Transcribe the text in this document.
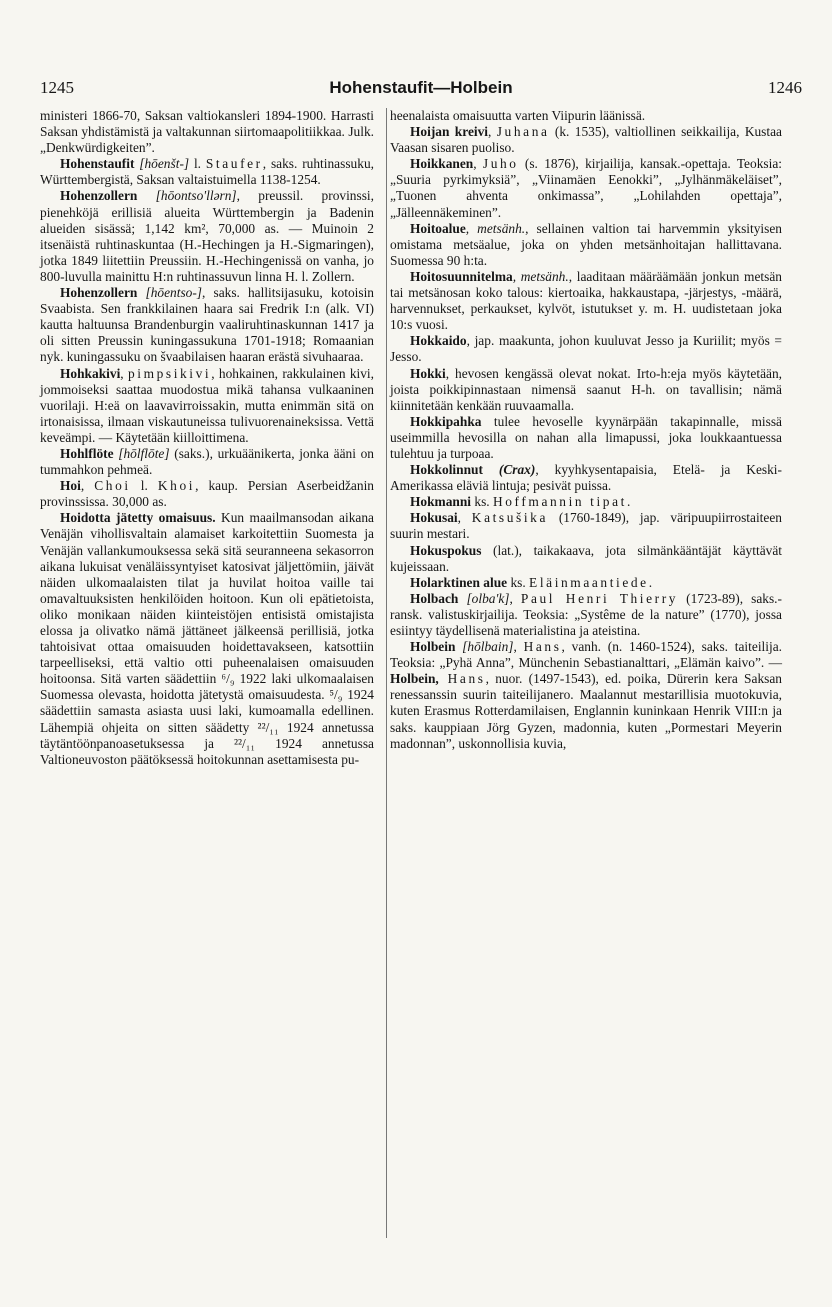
1245	Hohenstaufit—Holbein	1246

ministeri 1866-70, Saksan valtiokansleri 1894-1900. Harrasti Saksan yhdistämistä ja valtakunnan siirtomaapolitiikkaa. Julk. „Denkwürdigkeiten”.

Hohenstaufit [hōenšt-] l. Staufer, saks. ruhtinassuku, Württembergistä, Saksan valtaistuimella 1138-1254.

Hohenzollern [hōontso'llərn], preussil. provinssi, pienehköjä erillisiä alueita Württembergin ja Badenin alueiden sisässä; 1,142 km², 70,000 as. — Muinoin 2 itsenäistä ruhtinaskuntaa (H.-Hechingen ja H.-Sigmaringen), jotka 1849 liitettiin Preussiin. H.-Hechingenissä on vanha, jo 800-luvulla mainittu H:n ruhtinassuvun linna H. l. Zollern.

Hohenzollern [hōentso-], saks. hallitsijasuku, kotoisin Svaabista. Sen frankkilainen haara sai Fredrik I:n (alk. VI) kautta haltuunsa Brandenburgin vaaliruhtinaskunnan 1417 ja oli sitten Preussin kuningassukuna 1701-1918; Romaanian nyk. kuningassuku on švaabilaisen haaran erästä sivuhaaraa.

Hohkakivi, pimpsikivi, hohkainen, rakkulainen kivi, jommoiseksi saattaa muodostua mikä tahansa vulkaaninen vuorilaji. H:eä on laavavirroissakin, mutta enimmän sitä on irtonaisissa, ilmaan viskautuneissa tulivuorenaineksissa. Vettä keveämpi. — Käytetään kiilloittimena.

Hohlflöte [hōlflōte] (saks.), urkuäänikerta, jonka ääni on tummahkon pehmeä.

Hoi, Choi l. Khoi, kaup. Persian Aserbeidžanin provinssissa. 30,000 as.

Hoidotta jätetty omaisuus. Kun maailmansodan aikana Venäjän vihollisvaltain alamaiset karkoitettiin Suomesta ja Venäjän vallankumouksessa sekä sitä seuranneena sekasorron aikana lukuisat venäläissyntyiset katosivat jäljettömiin, jäivät näiden ulkomaalaisten tilat ja huvilat hoitoa vaille tai omavaltuuksisten henkilöiden hoitoon. Kun oli epätietoista, oliko monikaan näiden kiinteistöjen entisistä omistajista elossa ja olivatko nämä jättäneet jälkeensä perillisiä, jotka tahtoisivat ottaa omaisuuden hoidettavakseen, katsottiin tarpeelliseksi, että valtio otti puheenalaisen omaisuuden hoitoonsa. Sitä varten säädettiin ⁶/₉ 1922 laki ulkomaalaisen Suomessa olevasta, hoidotta jätetystä omaisuudesta. ⁵/₉ 1924 säädettiin samasta asiasta uusi laki, kumoamalla edellinen. Lähempiä ohjeita on sitten säädetty ²²/₁₁ 1924 annetussa täytäntöönpanoasetuksessa ja ²²/₁₁ 1924 annetussa Valtioneuvoston päätöksessä hoitokunnan asettamisesta pu-

heenalaista omaisuutta varten Viipurin läänissä.

Hoijan kreivi, Juhana (k. 1535), valtiollinen seikkailija, Kustaa Vaasan sisaren puoliso.

Hoikkanen, Juho (s. 1876), kirjailija, kansak.-opettaja. Teoksia: „Suuria pyrkimyksiä”, „Viinamäen Eenokki”, „Jylhänmäkeläiset”, „Tuonen ahventa onkimassa”, „Lohilahden opettaja”, „Jälleennäkeminen”.

Hoitoalue, metsänh., sellainen valtion tai harvemmin yksityisen omistama metsäalue, joka on yhden metsänhoitajan hallittavana. Suomessa 90 h:ta.

Hoitosuunnitelma, metsänh., laaditaan määräämään jonkun metsän tai metsänosan koko talous: kiertoaika, hakkaustapa, -järjestys, -määrä, harvennukset, perkaukset, kylvöt, istutukset y. m. H. uudistetaan joka 10:s vuosi.

Hokkaido, jap. maakunta, johon kuuluvat Jesso ja Kuriilit; myös = Jesso.

Hokki, hevosen kengässä olevat nokat. Irto-h:eja myös käytetään, joista poikkipinnastaan nimensä saanut H-h. on tavallisin; nämä kiinnitetään kenkään ruuvaamalla.

Hokkipahka tulee hevoselle kyynärpään takapinnalle, missä useimmilla hevosilla on nahan alla limapussi, joka loukkaantuessa tulehtuu ja turpoaa.

Hokkolinnut (Crax), kyyhkysentapaisia, Etelä- ja Keski-Amerikassa eläviä lintuja; pesivät puissa.

Hokmanni ks. Hoffmannin tipat.

Hokusai, Katsušika (1760-1849), jap. väripuupiirrostaiteen suurin mestari.

Hokuspokus (lat.), taikakaava, jota silmänkääntäjät käyttävät kujeissaan.

Holarktinen alue ks. Eläinmaantiede.

Holbach [olba'k], Paul Henri Thierry (1723-89), saks.-ransk. valistuskirjailija. Teoksia: „Systême de la nature” (1770), jossa esiintyy täydellisenä materialistina ja ateistina.

Holbein [hōlbain], Hans, vanh. (n. 1460-1524), saks. taiteilija. Teoksia: „Pyhä Anna”, Münchenin Sebastianalttari, „Elämän kaivo”. — Holbein, Hans, nuor. (1497-1543), ed. poika, Dürerin kera Saksan renessanssin suurin taiteilijanero. Maalannut mestarillisia muotokuvia, kuten Erasmus Rotterdamilaisen, Englannin kuninkaan Henrik VIII:n ja saks. kauppiaan Jörg Gyzen, madonnia, kuten „Pormestari Meyerin madonnan”, uskonnollisia kuvia,
